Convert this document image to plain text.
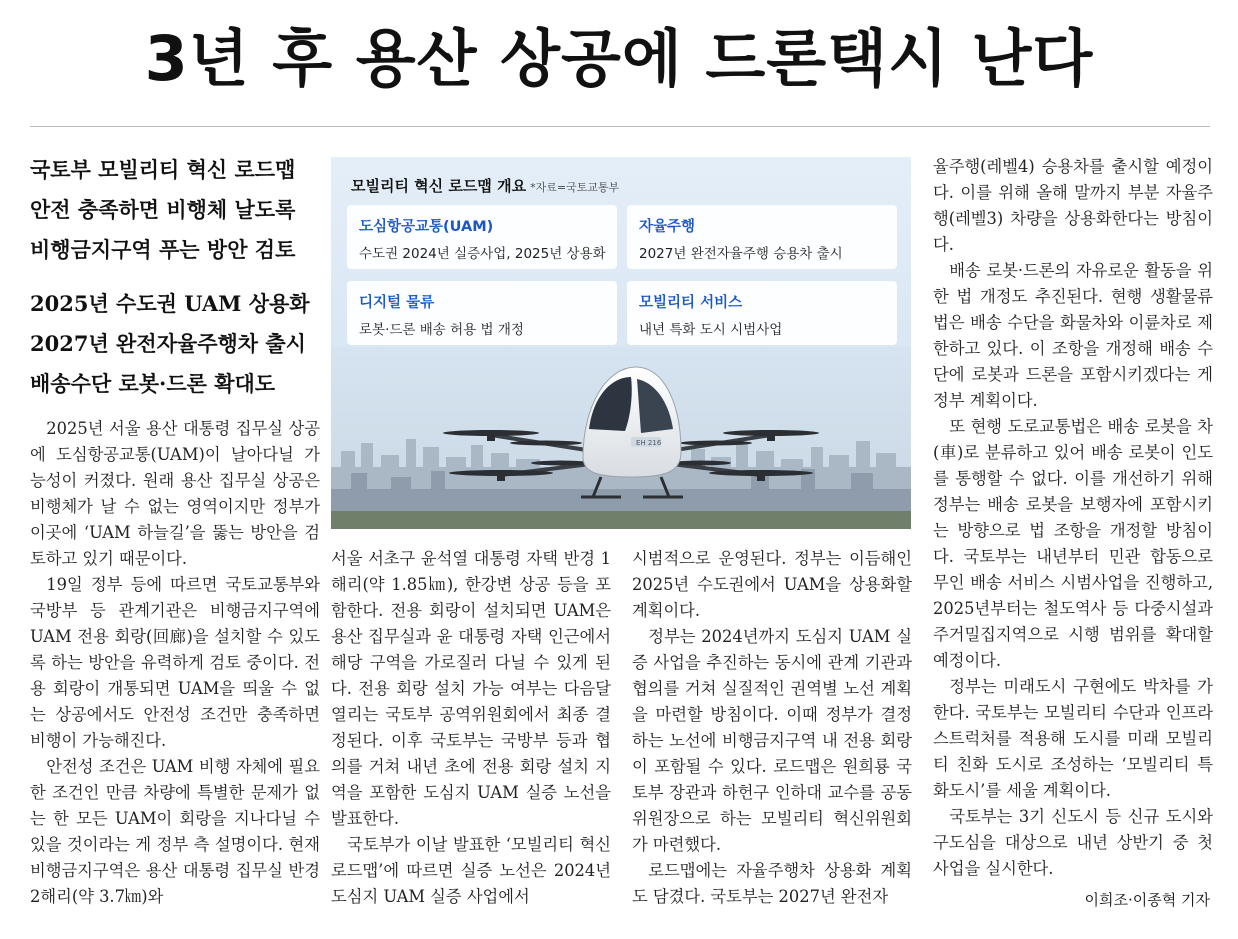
3년 후 용산 상공에 드론택시 난다

국토부 모빌리티 혁신 로드맵

안전 충족하면 비행체 날도록

비행금지구역 푸는 방안 검토

2025년 수도권 UAM 상용화

2027년 완전자율주행차 출시

배송수단 로봇·드론 확대도

모빌리티 혁신 로드맵 개요 *자료=국토교통부
도심항공교통(UAM)
수도권 2024년 실증사업, 2025년 상용화
자율주행
2027년 완전자율주행 승용차 출시
디지털 물류
로봇·드론 배송 허용 법 개정
모빌리티 서비스
내년 특화 도시 시범사업
EH 216

2025년 서울 용산 대통령 집무실 상공에 도심항공교통(UAM)이 날아다닐 가능성이 커졌다. 원래 용산 집무실 상공은 비행체가 날 수 없는 영역이지만 정부가 이곳에 ‘UAM 하늘길’을 뚫는 방안을 검토하고 있기 때문이다.

19일 정부 등에 따르면 국토교통부와 국방부 등 관계기관은 비행금지구역에 UAM 전용 회랑(回廊)을 설치할 수 있도록 하는 방안을 유력하게 검토 중이다. 전용 회랑이 개통되면 UAM을 띄울 수 없는 상공에서도 안전성 조건만 충족하면 비행이 가능해진다.

안전성 조건은 UAM 비행 자체에 필요한 조건인 만큼 차량에 특별한 문제가 없는 한 모든 UAM이 회랑을 지나다닐 수 있을 것이라는 게 정부 측 설명이다. 현재 비행금지구역은 용산 대통령 집무실 반경 2해리(약 3.7㎞)와

서울 서초구 윤석열 대통령 자택 반경 1해리(약 1.85㎞), 한강변 상공 등을 포함한다. 전용 회랑이 설치되면 UAM은 용산 집무실과 윤 대통령 자택 인근에서 해당 구역을 가로질러 다닐 수 있게 된다. 전용 회랑 설치 가능 여부는 다음달 열리는 국토부 공역위원회에서 최종 결정된다. 이후 국토부는 국방부 등과 협의를 거쳐 내년 초에 전용 회랑 설치 지역을 포함한 도심지 UAM 실증 노선을 발표한다.

국토부가 이날 발표한 ‘모빌리티 혁신 로드맵’에 따르면 실증 노선은 2024년 도심지 UAM 실증 사업에서

시범적으로 운영된다. 정부는 이듬해인 2025년 수도권에서 UAM을 상용화할 계획이다.

정부는 2024년까지 도심지 UAM 실증 사업을 추진하는 동시에 관계 기관과 협의를 거쳐 실질적인 권역별 노선 계획을 마련할 방침이다. 이때 정부가 결정하는 노선에 비행금지구역 내 전용 회랑이 포함될 수 있다. 로드맵은 원희룡 국토부 장관과 하헌구 인하대 교수를 공동위원장으로 하는 모빌리티 혁신위원회가 마련했다.

로드맵에는 자율주행차 상용화 계획도 담겼다. 국토부는 2027년 완전자

율주행(레벨4) 승용차를 출시할 예정이다. 이를 위해 올해 말까지 부분 자율주행(레벨3) 차량을 상용화한다는 방침이다.

배송 로봇·드론의 자유로운 활동을 위한 법 개정도 추진된다. 현행 생활물류법은 배송 수단을 화물차와 이륜차로 제한하고 있다. 이 조항을 개정해 배송 수단에 로봇과 드론을 포함시키겠다는 게 정부 계획이다.

또 현행 도로교통법은 배송 로봇을 차(車)로 분류하고 있어 배송 로봇이 인도를 통행할 수 없다. 이를 개선하기 위해 정부는 배송 로봇을 보행자에 포함시키는 방향으로 법 조항을 개정할 방침이다. 국토부는 내년부터 민관 합동으로 무인 배송 서비스 시범사업을 진행하고, 2025년부터는 철도역사 등 다중시설과 주거밀집지역으로 시행 범위를 확대할 예정이다.

정부는 미래도시 구현에도 박차를 가한다. 국토부는 모빌리티 수단과 인프라스트럭처를 적용해 도시를 미래 모빌리티 친화 도시로 조성하는 ‘모빌리티 특화도시’를 세울 계획이다.

국토부는 3기 신도시 등 신규 도시와 구도심을 대상으로 내년 상반기 중 첫 사업을 실시한다.

이희조·이종혁 기자
